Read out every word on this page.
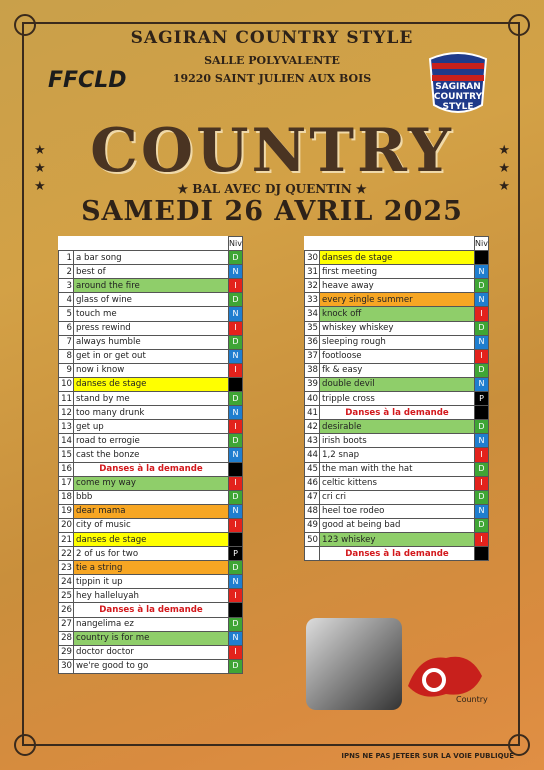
SAGIRAN COUNTRY STYLE
SALLE POLYVALENTE
19220 SAINT JULIEN AUX BOIS
FFCLD	SAGIRAN
COUNTRY
STYLE
★
★
★
★
★
★
COUNTRY
★ BAL AVEC DJ QUENTIN ★
SAMEDI 26 AVRIL 2025
		Niv
1	a bar song	D
2	best of	N
3	around the fire	I
4	glass of wine	D
5	touch me	N
6	press rewind	I
7	always humble	D
8	get in or get out	N
9	now i know	I
10	danses de stage	
11	stand by me	D
12	too many drunk	N
13	get up	I
14	road to errogie	D
15	cast the bonze	N
16	Danses à la demande	
17	come my way	I
18	bbb	D
19	dear mama	N
20	city of music	I
21	danses de stage	
22	2 of us for two	P
23	tie a string	D
24	tippin it up	N
25	hey halleluyah	I
26	Danses à la demande	
27	nangelima ez	D
28	country is for me	N
29	doctor doctor	I
30	we're good to go	D
		Niv
30	danses de stage	
31	first meeting	N
32	heave away	D
33	every single summer	N
34	knock off	I
35	whiskey whiskey	D
36	sleeping rough	N
37	footloose	I
38	fk & easy	D
39	double devil	N
40	tripple cross	P
41	Danses à la demande	
42	desirable	D
43	irish boots	N
44	1,2 snap	I
45	the man with the hat	D
46	celtic kittens	I
47	cri cri	D
48	heel toe rodeo	N
49	good at being bad	D
50	123 whiskey	I
	Danses à la demande	
Country
IPNS NE PAS JETEER SUR LA VOIE PUBLIQUE
